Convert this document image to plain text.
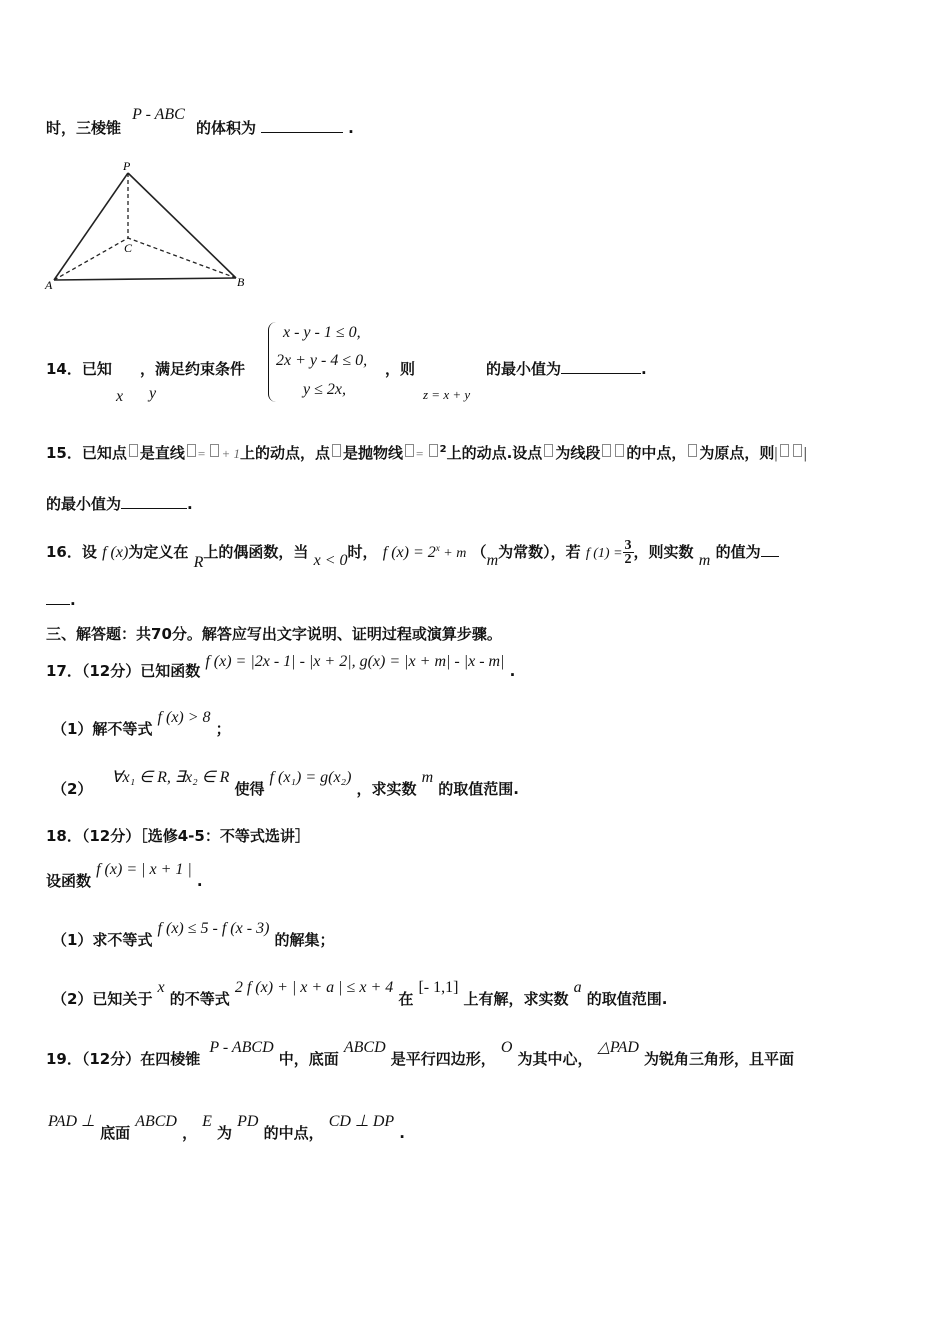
时，三棱锥 P - ABC 的体积为	.
P
C
A	B
14．已知
x
，满足约束条件
y
x - y - 1 ≤ 0,
2x + y - 4 ≤ 0,
y ≤ 2x,
，则
z = x + y
的最小值为	.
15．已知点 是直线 = + 1上的动点，点 是抛物线 = $^2$上的动点.设点 为线段 的中点， 为原点，则| |
的最小值为	.
16．设 f (x)为定义在 R上的偶函数，当 x < 0时， f $(x) = 2^x + m$ （m为常数），若 f $(1) = \frac{3}{2}$ ，则实数 m 的值为
.
三、解答题：共70分。解答应写出文字说明、证明过程或演算步骤。
17．（12分）已知函数 f (x) = |2x - 1| - |x + 2|, g(x) = |x + m| - |x - m| .
（1）解不等式 f (x) > 8 ；
（2） ∀x₁ ∈ R, ∃x₂ ∈ R 使得 f (x₁) = g(x₂) ，求实数 m 的取值范围.
18．（12分）［选修4-5：不等式选讲］
设函数 f (x) = | x + 1 | .
（1）求不等式 f (x) ≤ 5 - f (x - 3) 的解集；
（2）已知关于 x 的不等式 2 f (x) + | x + a | ≤ x + 4 在 [- 1,1] 上有解，求实数 a 的取值范围.
19．（12分）在四棱锥 P - ABCD 中，底面 ABCD 是平行四边形， O 为其中心， △PAD 为锐角三角形，且平面
PAD ⊥ 底面 ABCD ， E 为 PD 的中点， CD ⊥ DP .
